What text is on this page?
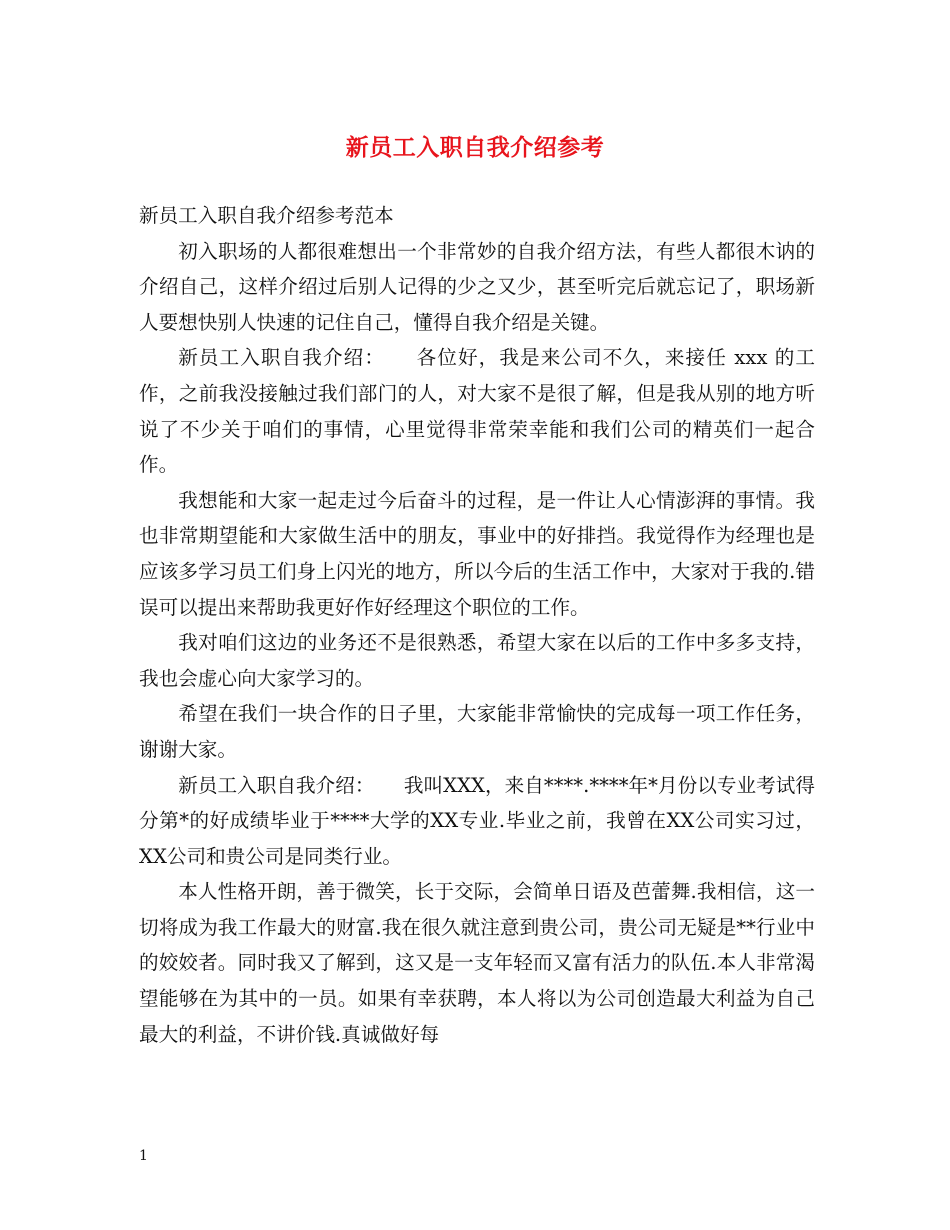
新员工入职自我介绍参考

新员工入职自我介绍参考范本

初入职场的人都很难想出一个非常妙的自我介绍方法，有些人都很木讷的介绍自己，这样介绍过后别人记得的少之又少，甚至听完后就忘记了，职场新人要想快别人快速的记住自己，懂得自我介绍是关键。

新员工入职自我介绍：　　各位好，我是来公司不久，来接任 xxx 的工作，之前我没接触过我们部门的人，对大家不是很了解，但是我从别的地方听说了不少关于咱们的事情，心里觉得非常荣幸能和我们公司的精英们一起合作。

我想能和大家一起走过今后奋斗的过程，是一件让人心情澎湃的事情。我也非常期望能和大家做生活中的朋友，事业中的好排挡。我觉得作为经理也是应该多学习员工们身上闪光的地方，所以今后的生活工作中，大家对于我的.错误可以提出来帮助我更好作好经理这个职位的工作。

我对咱们这边的业务还不是很熟悉，希望大家在以后的工作中多多支持，我也会虚心向大家学习的。

希望在我们一块合作的日子里，大家能非常愉快的完成每一项工作任务，谢谢大家。

新员工入职自我介绍：　　我叫XXX，来自****.****年*月份以专业考试得分第*的好成绩毕业于****大学的XX专业.毕业之前，我曾在XX公司实习过，XX公司和贵公司是同类行业。

本人性格开朗，善于微笑，长于交际，会简单日语及芭蕾舞.我相信，这一切将成为我工作最大的财富.我在很久就注意到贵公司，贵公司无疑是**行业中的姣姣者。同时我又了解到，这又是一支年轻而又富有活力的队伍.本人非常渴望能够在为其中的一员。如果有幸获聘，本人将以为公司创造最大利益为自己最大的利益，不讲价钱.真诚做好每

1
